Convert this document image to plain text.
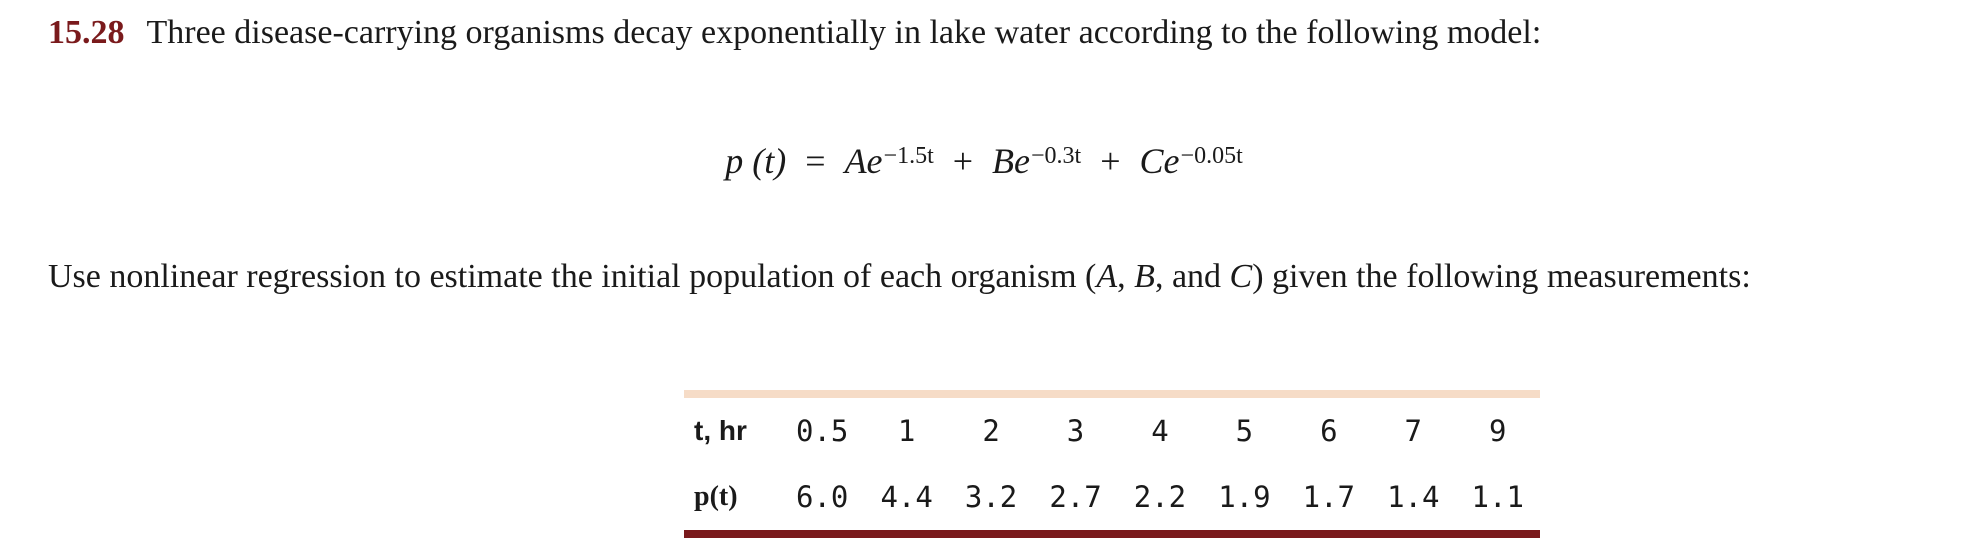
15.28 Three disease-carrying organisms decay exponentially in lake water according to the following model:
p $(t) = Ae^{-1.5t} + Be^{-0.3t} + Ce^{-0.05t}$
Use nonlinear regression to estimate the initial population of each organism (A, B, and C) given the following measurements:
t, hr	0.5	1	2	3	4	5	6	7	9
p(t)	6.0	4.4	3.2	2.7	2.2	1.9	1.7	1.4	1.1
